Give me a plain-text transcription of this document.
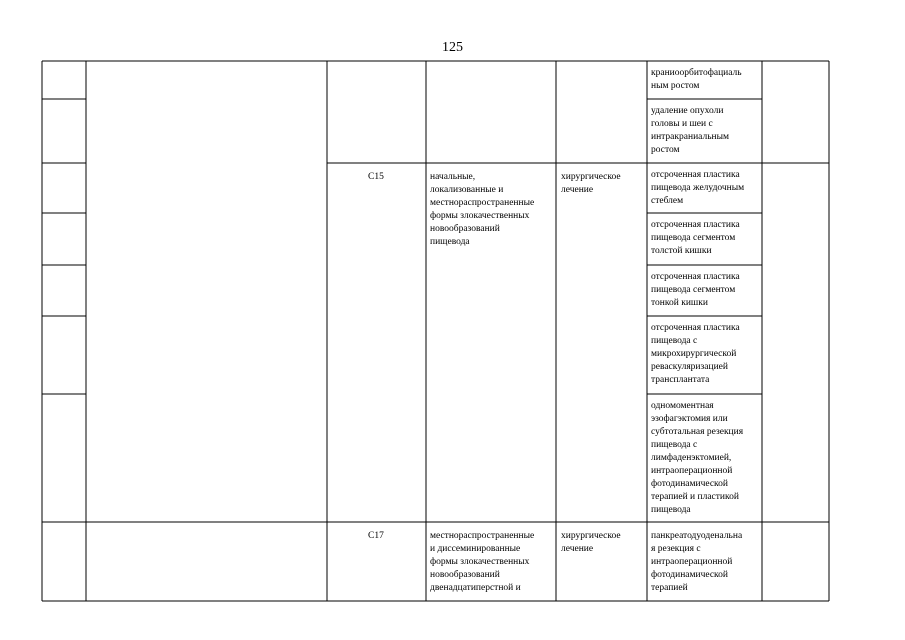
125
C15	начальные,
локализованные и
местнораспространенные
формы злокачественных
новообразований
пищевода
хирургическое
лечение
C17	местнораспространенные
и диссеминированные
формы злокачественных
новообразований
двенадцатиперстной и
хирургическое
лечение
краниоорбитофациаль
ным ростом
удаление опухоли
головы и шеи с
интракраниальным
ростом
отсроченная пластика
пищевода желудочным
стеблем
отсроченная пластика
пищевода сегментом
толстой кишки
отсроченная пластика
пищевода сегментом
тонкой кишки
отсроченная пластика
пищевода с
микрохирургической
реваскуляризацией
трансплантата
одномоментная
эзофагэктомия или
субтотальная резекция
пищевода с
лимфаденэктомией,
интраоперационной
фотодинамической
терапией и пластикой
пищевода
панкреатодуоденальна
я резекция с
интраоперационной
фотодинамической
терапией
